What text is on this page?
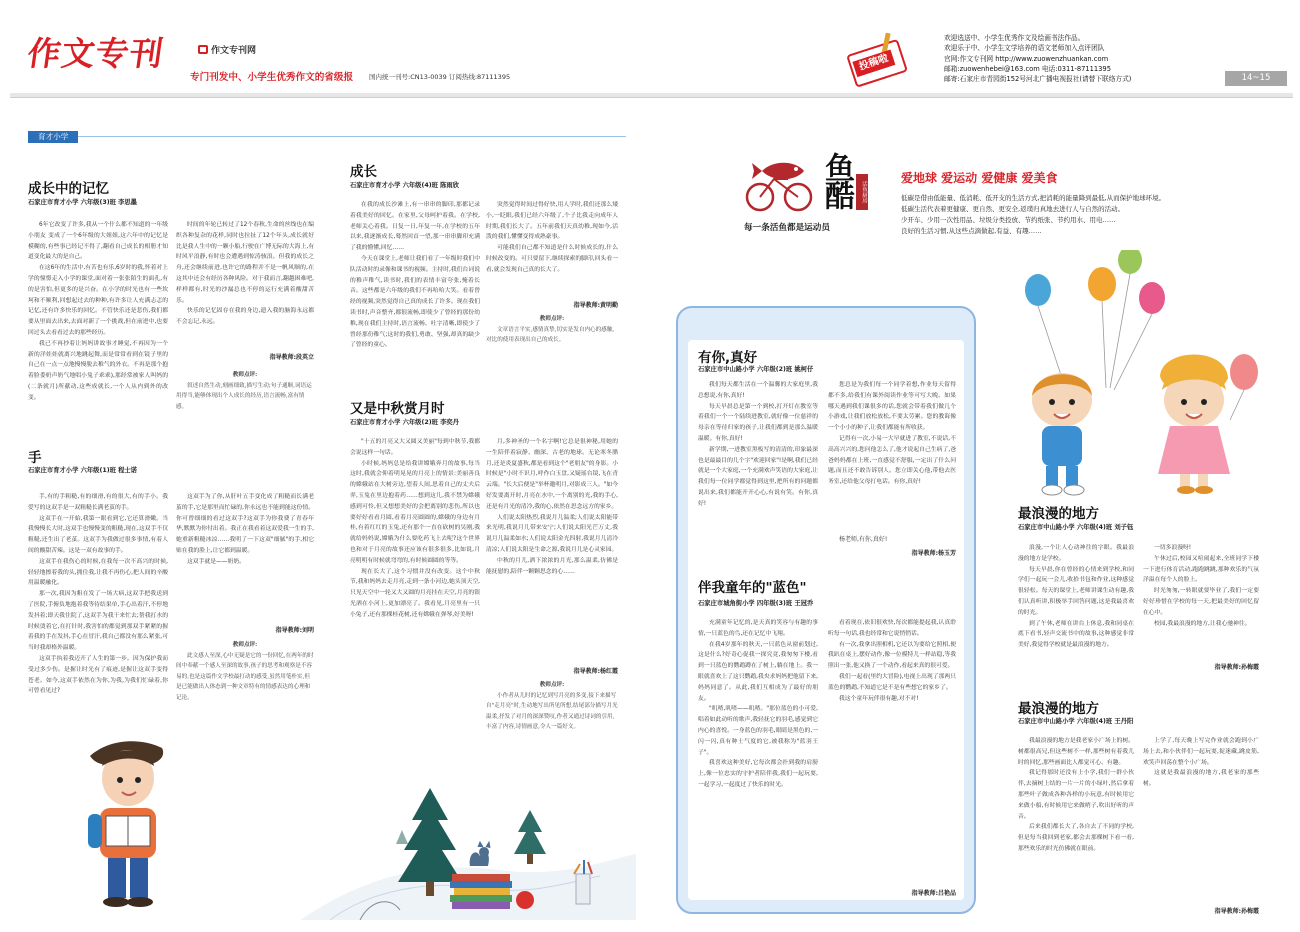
作文专刊	作文专刊网
专门刊发中、小学生优秀作文的省级报 国内统一刊号:CN13-0039 订阅热线:87111395
投稿啦
欢迎选送中、小学生优秀作文及绘画书法作品。
欢迎乐于中、小学生文学培养的语文老师加入点评团队
官网:作文专刊网 http://www.zuowenzhuankan.com
邮箱:zuowenhebei@163.com 电话:0311-87111395
邮寄:石家庄市青园街152号河北广播电视报社(请替下联络方式)	14~15
育才小学
成长中的记忆
石家庄市育才小学 六年级(3)班 李思墨

6年它改变了许多,我从一个什么都不知道的一年级小朋友 变成了一个6年级的大姐姐,这六年中的记忆是模糊的,有些事已经记不得了,翻看自己成长的相册才知道变化最大的是自己。

在这6年的生活中,有苦也有乐,6岁时的我,怀着对上学的憧憬走入小学的课堂,面对着一张张陌生的面孔,有的是害怕,但更多的是兴奋。在小学的时光也有一些坎坷和不顺利,回想起过去的种种,有许多让人充满忐忑的记忆,还有许多快乐的回忆。不管快乐还是悲伤,我们都要从里面去出来,去面对新了一个挑战,但在前进中,也要回过头去看看过去的那些经历。

我已不再抄着让妈妈讲故事才睡觉,不再因为一个新的洋娃娃就离兴地跳起舞,而是常常看到在镜子里的自己在一点一点地慢慢脱去稚气的外衣。不再是那个抱着脸委奶声奶气地唱小兔子乖乖),那经常被家人叫妈的(二条就月)所献动,这些成就长,一个人从内到外的改变。

时间的年轮已转过了12个春秋,生命的丝线也在编织各种复杂的花样,同时也拉扯了12个年头,成长就好比是我人生中的一颗小船,行驶在广博无际的大海上,有时风平浪静,有时也会遭遇到惊涛骇浪。但我的成长之舟,还会继续前进,也许它的路程并不是一帆风顺的,在这其中还会有经历各种风险。对于我而言,翻越困难吧,样样都有,时光的沙漏总也不停的运行充满着酸甜苦乐。

快乐的记忆固存在我的身边,遗入我的脑海永远都不会忘记,永远。

指导教师:段英立
教师点评:
叙述自然生动,刻画细致,描写生动;句子通顺,词语运用得当,能够体现出个人成长的经历,语言流畅,富有情感。
手
石家庄市育才小学 六年级(1)班 程士诺

手,有的手粗糙,有的细滑,有的很大,有的手小。我爱写的这双手是一双粗糙长满老茧的手。

这双手在一开始,我第一眼看到它,它还算滑嫩。当我慢慢长大时,这双手也慢慢变的粗糙,现在,这双手不仅粗糙,还生出了老茧。这双手为我做过很多事情,有着人间的酸甜苦辣。这是一双有故事的手。

这双手在我伤心的时候,在我每一次不高兴的时候,轻轻地擦着我的头,拥住我,让我不再伤心,把人间的辛酸用温暖融化。

那一次,我因为粗在发了一场大病,这双手把我送到了医院,手俯负地抱着我等待结果单,手心出着汗,不停地发抖着;即天我住院了,这双手为我干来忙去;帮我打水的时候烫着它,在打针时,我害怕的都觉到那双手紧紧的握着我的手在发抖,手心在冒汗,我自己都没有那么紧张,可当时我却格外温暖。

这双手执着我迈开了人生的第一步。因为保护我而受过多少伤。是握让时光有了痕迹,是握让这双手变得苍老。如今,这双手依然在为你,为我,为我们忙碌着,你可曾看见过?

这双手为了你,从肝叶五手变化成了粗糙而长满老茧的手,它是那里而忙碌的,你永远也不能到能这份情。你可曾细细的看过这双手?这双手为你我费了青春年华,默默为你付出着。我正在我看着这双爱我一生的手,她重新粗糙冰凉……我明了一下这双"细腻"的手,相它贴在我的脸上,让它都到温暖。

这双手就是——奶奶。

指导教师:刘明
教师点评:
此文感人至深,心中无疑是它的一份回忆,在两年的时间中奉献一个感人至深的故事,孩子的思考和观察是不容易的,也是这篇作文学校最打动的感受,虽然用笔朴实,但是已能做出人体态到一种文章特有的情感表达的心理和记论。
成长
石家庄市育才小学 六年级(4)班 陈雨欣

在我的成长沙滩上,有一串串的脚印,那都记录着我美好的回忆。在家里,父母呵护着我。在学校,老师关心着我。日复一日,年复一年,在学校的五年以来,我逐渐成长,蓦然回首一望,那一串串脚印充满了我的懵懂,回忆……

今天在课堂上,老师让我们看了一年级时我们中队活动时的录像和课书的视频。主持时,我们台词说的稚声稚气,读书时,我们的表情丰富夸张,掩着长音。这些都是六年级的我们不再哈哈大笑。看着曾经的视频,突然觉得自己真的成长了许多。现在我们读书时,声音整齐,都很流畅,即使少了曾经的那份幼稚,现在我们主持时,语言流畅、吐字清晰,即使少了曾经那份稚气;这时的我们,勇敢、坚强,却真的缺少了曾经的童心。

突然觉得时间过得好快,用人学时,我们还那么矮小,一眨眼,我们已经六年级了,个子比我走向成年人时期,我们长大了。五年前我们天真幼稚,现如今,活泼的我们,懂懂变得成熟豪事。

可能我们自己都不知道是什么时候成长的,什么时候改变的。可只要留下,继续探索的脚印,回头看一看,就会发现自己真的长大了。

指导教师:黄明勤
教师点评:
文章语言平实,感情真挚,切实是发自内心的感触,对比的使用表现出自己的成长。
又是中秋赏月时
石家庄市育才小学 六年级(2)班 李奕丹

"十五的月亮又大又圆又美丽"每到中秋节,我都会说这样一句话。

小时候,妈妈总是给我讲嫦娥奔月的故事,每当这时,我就会仰着明晃晃的月亮上的情景:美丽善良的嫦娥站在大树旁边,望着人间,思着自己的丈夫后羿,玉兔在里边抱着药……想到这儿,我不禁为嫦娥感到可怜,但又想想美好的会把离别的悲伤,所以也要好好看看月圆,看着月亮圆圆的,嫦娥的身边有月桂,有着红红的玉兔,还有那个一直在砍树的吴刚,我就给妈妈说,嫦娥为什么要吃药飞上去呢?这个世界也和对于月亮的故事还应该有很多很多,比如说,月亮明明有时候就弯弯的,有时候圆圆的等等。

现在长大了,这个习惯并没有改变。这个中秋节,我和妈妈去走月亮,走到一条小河边,她头顶天空,只见天空中一轮又大又圆的月亮挂在天空,月亮的银光洒在小河上,更加漂亮了。我看见,月亮里有一只小兔子,还有那棵桂花树,还有嫦娥在弹琴,好美呀!

月,多神圣的一个名字啊!它总是很神秘,用她的一生陪伴着寂静、幽深、古老的地球。无论寒冬腊月,还是炎夏盛秋,都是看到这个"老朋友"的身影。小时候是"小时不识月,呼作白玉盘,又疑瑶台镜,飞在青云端。"长大后便是"举杯邀明月,对影成三人。"如今好发要离开时,月亮在水中,一个离别的光,我的手心,还是有月光的清冷,我的心,依然在思念远方的家乡。

人们说太阳热烈,我说月儿温柔;人们说太阳能带来光明,我说月儿带来安宁;人们说太阳光芒万丈,我说月儿温柔如水;人们说太阳金光四射,我说月儿清冷清凉;人们说太阳是生命之源,我说月儿是心灵家园。

中秋的月儿,洒下浓浓的月光,那么温柔,仿佛是能抚慰的,陪伴一颗颗思念的心……

指导教师:杨红霞
教师点评:
小作者从儿时的记忆到写月亮的多变,接下来描写自"走月亮"时,生动地写出所见所想,结尾部分描写月光温柔,抒发了对月的深深赞叹,作者又通过诗词的引用,丰富了内容,诗情画意,令人一篇好文。
鱼酷	活鱼厨房
每一条活鱼都是运动员
爱地球 爱运动 爱健康 爱美食
低碳是借由低能量、低消耗、低开支的生活方式,把消耗的能量降到最低,从而保护地球环境。
低碳生活代表着更健康、更自然、更安全,返璞归真地去进行人与自然的活动。
少开车、少用一次性用品、垃圾分类投放、节约纸张、节约用水、用电……
良好的生活习惯,从这些点滴做起,有益、有趣……
有你,真好
石家庄市中山路小学 六年级(2)班 姚柯仔

我们每天都生活在一个温馨的大家庭里,我总想说,有你,真好!

每天早晨总是第一个到校,打开灯在教室等着我们一个一个陆续进教室,就好像一位慈祥的母亲在等待归家的孩子,让我们都到是那么温暖温暖。有你,真好!

新学期,一进教室黑板写的清清的,印象最深也是最最目的几个字"欢迎回家"!是啊,我们已经就是一个大家庭,一个充满欢声笑语的大家庭,让我们每一位同学都觉得到这里,把所有的问题都说出来,我们都能开开心心,有说有笑。有你,真好!

您总是为我们每一个同学着想,作业每天留得都不多,给我们有课外阅读作业等可写大晚。如果哪天遇到我们课很多的话,您就会带着我们做几个小游戏,让我们放松放松,不要太劳累。您的教诲像一个小小的种子,让我们都能有所收获。

记得有一次,小易一大早就进了教室,不说话,不高高兴兴的,您问他怎么了,他才说起自己生病了,爸爸妈妈都在上班,一直感觉不舒服,一定出了什么问题,而且还不敢告诉别人。您立即关心他,带他去医务室,还给他父母打电话。有你,真好!

杨老师,有你,真好!
指导教师:杨玉芳
伴我童年的"蓝色"
石家庄市城角街小学 四年级(3)班 王冠乔

充满童年记忆的,是天真的笑容与有趣的事情,一只蓝色的鸟,还在记忆中飞翔。

在我4岁那年的秋天,一只蓝色从窗前划过,这是什么?好奇心促我一探究竟,我匆匆下楼,看到一只蓝色的鹦鹉蹲在了树上,躺在地上。我一眼就喜欢上了这只鹦鹉,我央求妈妈把他留下来,妈妈同意了。从此,我们互相成为了最好的朋友。

"叽喳,叽喳——叽喳。"那位蓝色的小可爱,唱着如此动听的歌声,我轻抚它的羽毛,感觉到它内心的喜悦。一身蓝色的羽毛,眼睛是黑色的,一闪一闪,真有种士气度的它,被我称为"蓝羽王子"。

我喜欢这种美好,它每次都会扑到我的肩膀上,像一位忠实的守护者陪伴我,我们一起玩耍,一起学习,一起度过了快乐的时光。

看着现在,依旧很欢快,每次都能提起我,认真聆听每一句话,我也经常和它说悄悄话。

有一次,我拿出照相机,它还以为要给它照相,便我趴在桌上,摆好动作,像一位模特儿一样站稳,等我照出一张,他又换了一个动作,看起来真的很可爱。

我们一起看(里约大冒险),电视上出现了那两只蓝色的鹦鹉,不知道它是不是有些想它的家乡了。

我这个童年玩伴很有趣,对不对!

指导教师:吕艳品
最浪漫的地方
石家庄市中山路小学 六年级(4)班 刘子钰

浪漫,一个让人心动神往的字眼。我最浪漫的地方是学校。

每天早晨,你在曾经的心情来到学校,和同学们一起玩一会儿,收拾书包和作业,这种感觉很轻松。每天的课堂上,老师讲课生动有趣,我们认真听讲,积极举手回答问题,这是我最喜欢的时光。

到了午休,老师在讲台上休息,我和同桌在底下看书,轻声交流书中的故事,这种感觉非常美好,我觉得学校就是最浪漫的地方。

一切多浪漫呀!

午休过后,校园又喧闹起来,全班同学下楼一下进行体育活动,跑跑跳跳,那种欢乐的气氛洋溢在每个人的脸上。

时光匆匆,一转眼就要毕业了,我们一定要好好珍惜在学校的每一天,把最美好的回忆留在心中。

校园,我最浪漫的地方,让我心驰神往。

指导教师:孙梅霞
最浪漫的地方
石家庄市中山路小学 六年级(4)班 王丹阳

我最浪漫的地方是我老家小广场上的树。树都很高兄,但这些树不一样,那些树有着我儿时的回忆,那些画面比人都觉可心、有趣。

我记得那时还没有上小学,我们一群小伙伴,去摘树上结的一片一片的小绿叶,然后拿着那些叶子做成各种各样的小玩意,有时候用它来做小船,有时候用它来做哨子,吹出好听的声音。

后来我们都长大了,各自去了不同的学校,但是每当我回到老家,都会去那棵树下看一看,那些欢乐的时光仿佛就在眼前。

上学了,每天晚上写完作业就会跑到小广场上去,和小伙伴们一起玩耍,捉迷藏,跳皮筋,欢笑声回荡在整个小广场。

这就是我最浪漫的地方,我老家的那些树。

指导教师:孙梅霞
